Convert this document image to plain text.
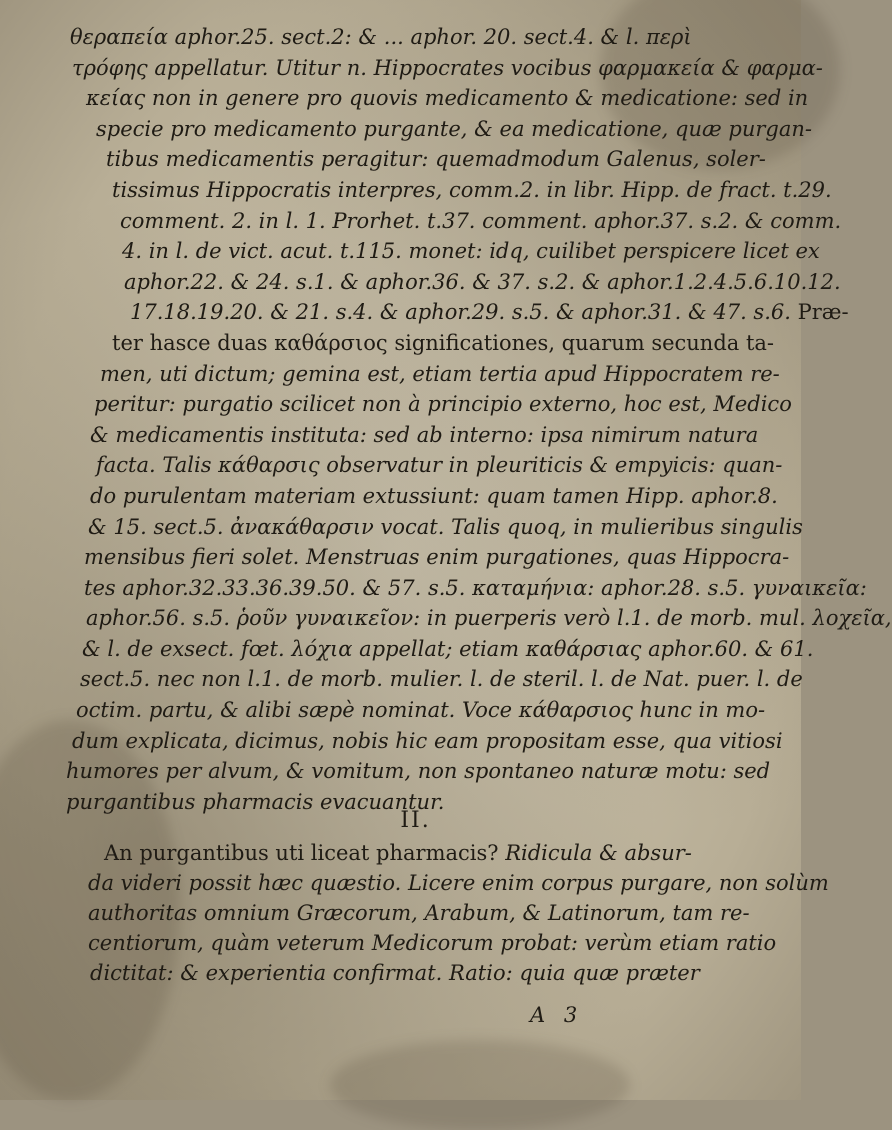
θεραπεία aphor.25. sect.2: & ... aphor. 20. sect.4. & l. περὶ
τρόφης appellatur. Utitur n. Hippocrates vocibus φαρμακεία & φαρμα-
κείας non in genere pro quovis medicamento & medicatione: sed in
specie pro medicamento purgante, & ea medicatione, quæ purgan-
tibus medicamentis peragitur: quemadmodum Galenus, soler-
tissimus Hippocratis interpres, comm.2. in libr. Hipp. de fract. t.29.
comment. 2. in l. 1. Prorhet. t.37. comment. aphor.37. s.2. & comm.
4. in l. de vict. acut. t.115. monet: idq, cuilibet perspicere licet ex
aphor.22. & 24. s.1. & aphor.36. & 37. s.2. & aphor.1.2.4.5.6.10.12.
17.18.19.20. & 21. s.4. & aphor.29. s.5. & aphor.31. & 47. s.6. Præ-
ter hasce duas καθάρσιος significationes, quarum secunda ta-
men, uti dictum; gemina est, etiam tertia apud Hippocratem re-
peritur: purgatio scilicet non à principio externo, hoc est, Medico
& medicamentis instituta: sed ab interno: ipsa nimirum natura
facta. Talis κάθαρσις observatur in pleuriticis & empyicis: quan-
do purulentam materiam extussiunt: quam tamen Hipp. aphor.8.
& 15. sect.5. ἀνακάθαρσιν vocat. Talis quoq, in mulieribus singulis
mensibus fieri solet. Menstruas enim purgationes, quas Hippocra-
tes aphor.32.33.36.39.50. & 57. s.5. καταμήνια: aphor.28. s.5. γυναικεῖα:
aphor.56. s.5. ῥοῦν γυναικεῖον: in puerperis verò l.1. de morb. mul. λοχεῖα,
& l. de exsect. fœt. λόχια appellat; etiam καθάρσιας aphor.60. & 61.
sect.5. nec non l.1. de morb. mulier. l. de steril. l. de Nat. puer. l. de
octim. partu, & alibi sæpè nominat. Voce κάθαρσιος hunc in mo-
dum explicata, dicimus, nobis hic eam propositam esse, qua vitiosi
humores per alvum, & vomitum, non spontaneo naturæ motu: sed
purgantibus pharmacis evacuantur.
II.
An purgantibus uti liceat pharmacis? Ridicula & absur-
da videri possit hæc quæstio. Licere enim corpus purgare, non solùm
authoritas omnium Græcorum, Arabum, & Latinorum, tam re-
centiorum, quàm veterum Medicorum probat: verùm etiam ratio
dictitat: & experientia confirmat. Ratio: quia quæ præter
A 3
